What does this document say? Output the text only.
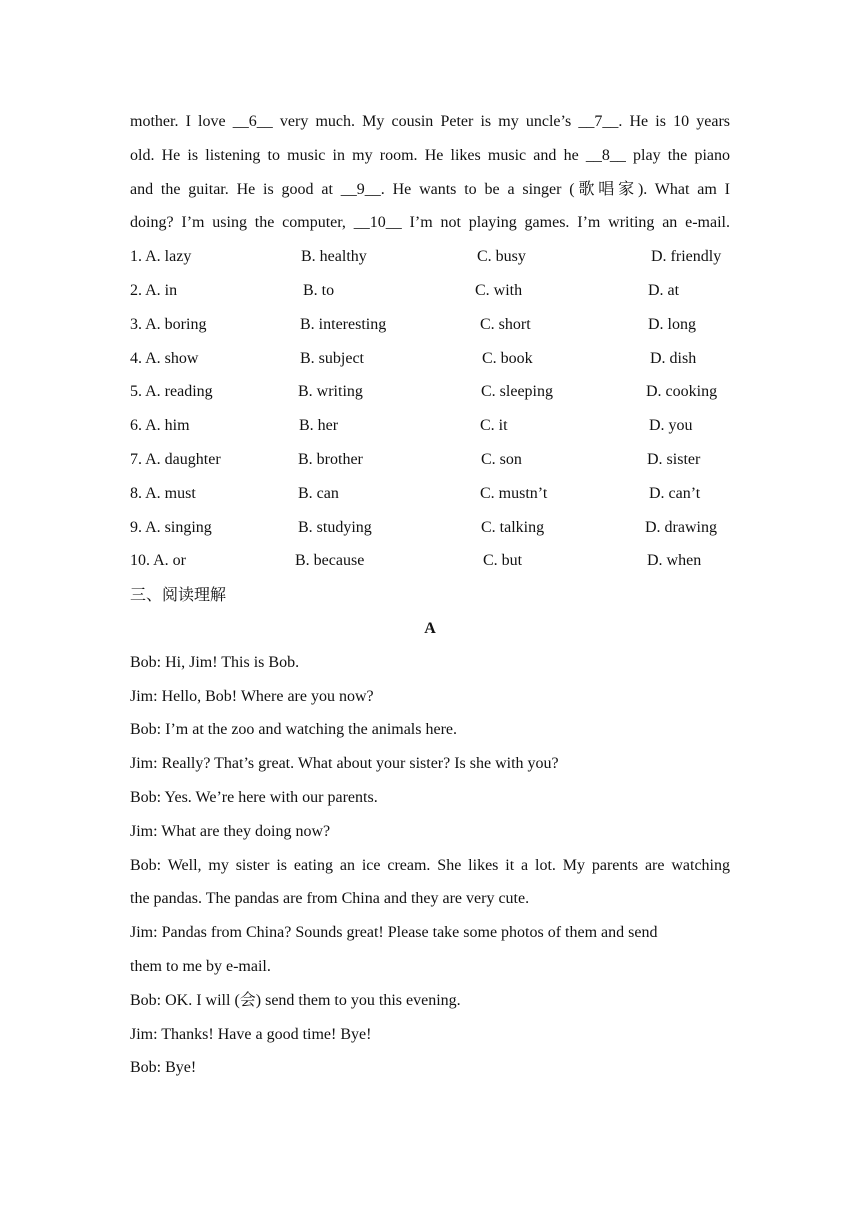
mother. I love __6__ very much. My cousin Peter is my uncle’s __7__. He is 10 years
old. He is listening to music in my room. He likes music and he __8__ play the piano
and the guitar. He is good at __9__. He wants to be a singer (歌唱家). What am I
doing? I’m using the computer, __10__ I’m not playing games. I’m writing an e-mail.
1. A. lazy	B. healthy	C. busy	D. friendly
2. A. in	B. to	C. with	D. at
3. A. boring	B. interesting	C. short	D. long
4. A. show	B. subject	C. book	D. dish
5. A. reading	B. writing	C. sleeping	D. cooking
6. A. him	B. her	C. it	D. you
7. A. daughter	B. brother	C. son	D. sister
8. A. must	B. can	C. mustn’t	D. can’t
9. A. singing	B. studying	C. talking	D. drawing
10. A. or	B. because	C. but	D. when
三、阅读理解
A
Bob: Hi, Jim! This is Bob.
Jim: Hello, Bob! Where are you now?
Bob: I’m at the zoo and watching the animals here.
Jim: Really? That’s great. What about your sister? Is she with you?
Bob: Yes. We’re here with our parents.
Jim: What are they doing now?
Bob: Well, my sister is eating an ice cream. She likes it a lot. My parents are watching
the pandas. The pandas are from China and they are very cute.
Jim: Pandas from China? Sounds great! Please take some photos of them and send
them to me by e-mail.
Bob: OK. I will (会) send them to you this evening.
Jim: Thanks! Have a good time! Bye!
Bob: Bye!
